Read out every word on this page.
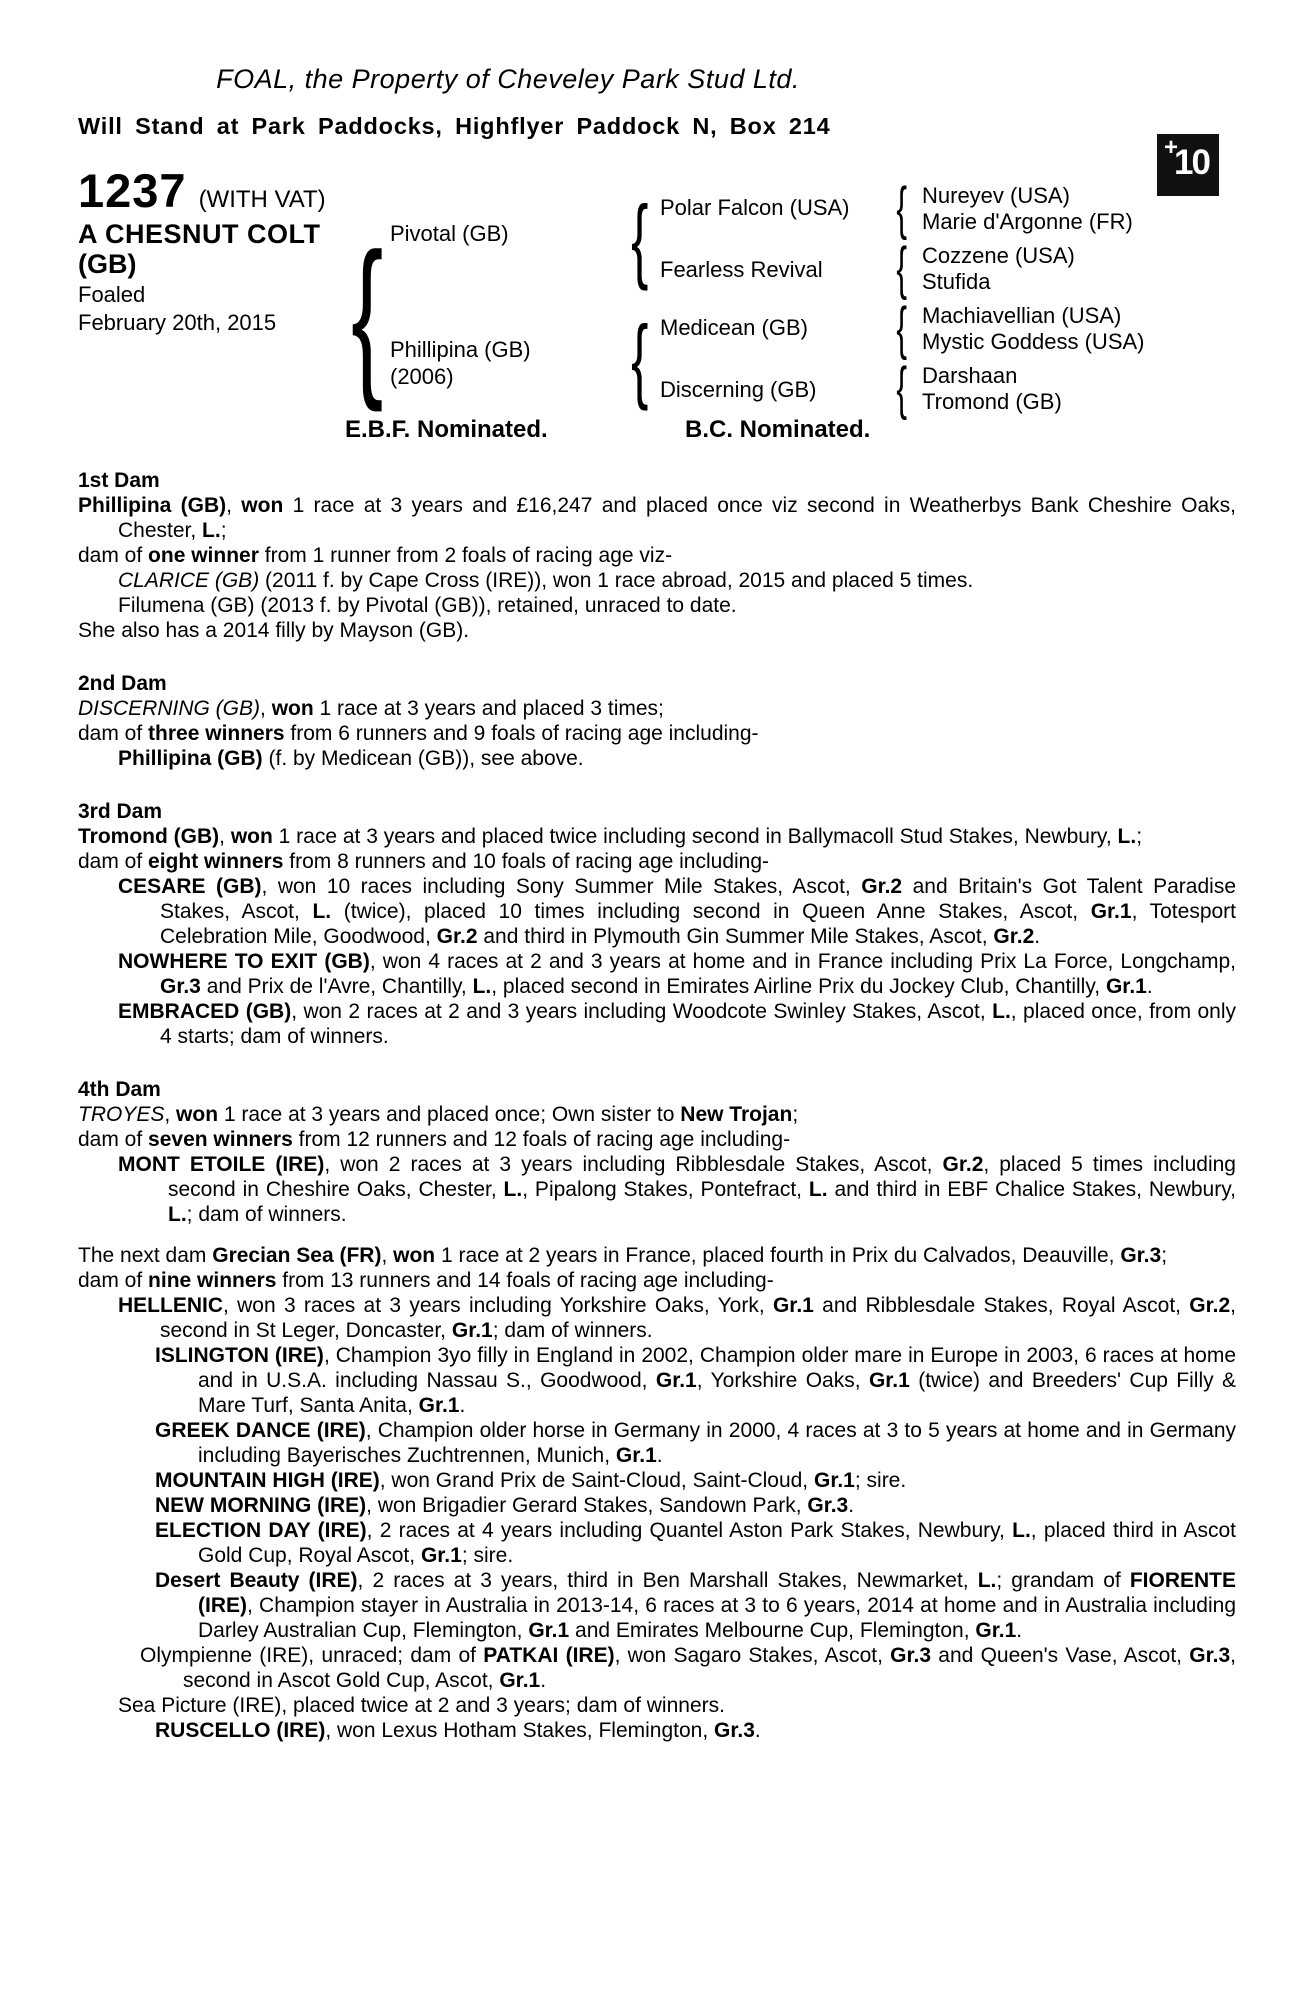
FOAL, the Property of Cheveley Park Stud Ltd.
Will Stand at Park Paddocks, Highflyer Paddock N, Box 214
+
10
1237 (WITH VAT)
A CHESNUT COLT
(GB)
Foaled
February 20th, 2015
{
Pivotal (GB)
Phillipina (GB)
(2006)
{
{
Polar Falcon (USA)
Fearless Revival
Medicean (GB)
Discerning (GB)
{
{
{
{
Nureyev (USA)
Marie d'Argonne (FR)
Cozzene (USA)
Stufida
Machiavellian (USA)
Mystic Goddess (USA)
Darshaan
Tromond (GB)
E.B.F. Nominated.	B.C. Nominated.
1st Dam

Phillipina (GB), won 1 race at 3 years and £16,247 and placed once viz second in Weatherbys Bank Cheshire Oaks, Chester, L.;

dam of one winner from 1 runner from 2 foals of racing age viz-

CLARICE (GB) (2011 f. by Cape Cross (IRE)), won 1 race abroad, 2015 and placed 5 times.

Filumena (GB) (2013 f. by Pivotal (GB)), retained, unraced to date.

She also has a 2014 filly by Mayson (GB).

2nd Dam

DISCERNING (GB), won 1 race at 3 years and placed 3 times;

dam of three winners from 6 runners and 9 foals of racing age including-

Phillipina (GB) (f. by Medicean (GB)), see above.

3rd Dam

Tromond (GB), won 1 race at 3 years and placed twice including second in Ballymacoll Stud Stakes, Newbury, L.;

dam of eight winners from 8 runners and 10 foals of racing age including-

CESARE (GB), won 10 races including Sony Summer Mile Stakes, Ascot, Gr.2 and Britain's Got Talent Paradise Stakes, Ascot, L. (twice), placed 10 times including second in Queen Anne Stakes, Ascot, Gr.1, Totesport Celebration Mile, Goodwood, Gr.2 and third in Plymouth Gin Summer Mile Stakes, Ascot, Gr.2.

NOWHERE TO EXIT (GB), won 4 races at 2 and 3 years at home and in France including Prix La Force, Longchamp, Gr.3 and Prix de l'Avre, Chantilly, L., placed second in Emirates Airline Prix du Jockey Club, Chantilly, Gr.1.

EMBRACED (GB), won 2 races at 2 and 3 years including Woodcote Swinley Stakes, Ascot, L., placed once, from only 4 starts; dam of winners.

4th Dam

TROYES, won 1 race at 3 years and placed once; Own sister to New Trojan;

dam of seven winners from 12 runners and 12 foals of racing age including-

MONT ETOILE (IRE), won 2 races at 3 years including Ribblesdale Stakes, Ascot, Gr.2, placed 5 times including second in Cheshire Oaks, Chester, L., Pipalong Stakes, Pontefract, L. and third in EBF Chalice Stakes, Newbury, L.; dam of winners.

The next dam Grecian Sea (FR), won 1 race at 2 years in France, placed fourth in Prix du Calvados, Deauville, Gr.3;

dam of nine winners from 13 runners and 14 foals of racing age including-

HELLENIC, won 3 races at 3 years including Yorkshire Oaks, York, Gr.1 and Ribblesdale Stakes, Royal Ascot, Gr.2, second in St Leger, Doncaster, Gr.1; dam of winners.

ISLINGTON (IRE), Champion 3yo filly in England in 2002, Champion older mare in Europe in 2003, 6 races at home and in U.S.A. including Nassau S., Goodwood, Gr.1, Yorkshire Oaks, Gr.1 (twice) and Breeders' Cup Filly & Mare Turf, Santa Anita, Gr.1.

GREEK DANCE (IRE), Champion older horse in Germany in 2000, 4 races at 3 to 5 years at home and in Germany including Bayerisches Zuchtrennen, Munich, Gr.1.

MOUNTAIN HIGH (IRE), won Grand Prix de Saint-Cloud, Saint-Cloud, Gr.1; sire.

NEW MORNING (IRE), won Brigadier Gerard Stakes, Sandown Park, Gr.3.

ELECTION DAY (IRE), 2 races at 4 years including Quantel Aston Park Stakes, Newbury, L., placed third in Ascot Gold Cup, Royal Ascot, Gr.1; sire.

Desert Beauty (IRE), 2 races at 3 years, third in Ben Marshall Stakes, Newmarket, L.; grandam of FIORENTE (IRE), Champion stayer in Australia in 2013-14, 6 races at 3 to 6 years, 2014 at home and in Australia including Darley Australian Cup, Flemington, Gr.1 and Emirates Melbourne Cup, Flemington, Gr.1.

Olympienne (IRE), unraced; dam of PATKAI (IRE), won Sagaro Stakes, Ascot, Gr.3 and Queen's Vase, Ascot, Gr.3, second in Ascot Gold Cup, Ascot, Gr.1.

Sea Picture (IRE), placed twice at 2 and 3 years; dam of winners.

RUSCELLO (IRE), won Lexus Hotham Stakes, Flemington, Gr.3.
